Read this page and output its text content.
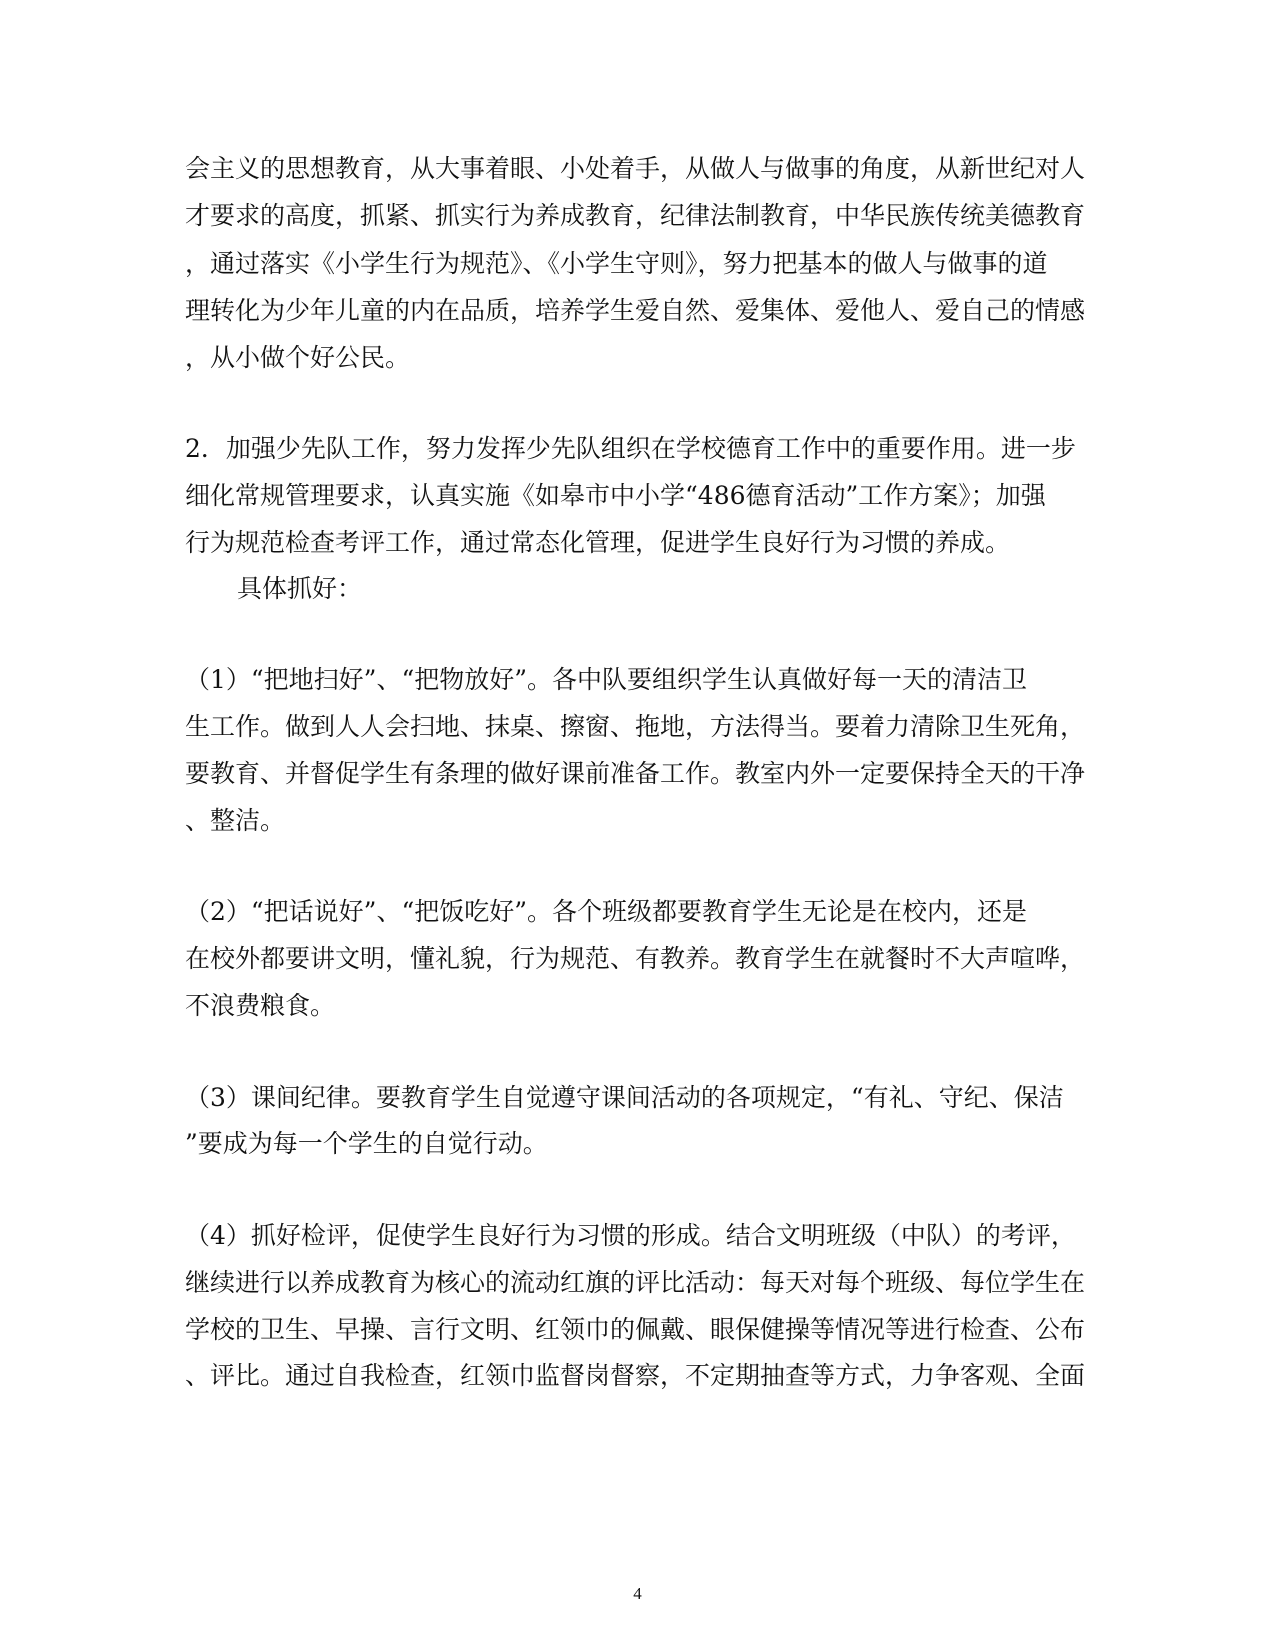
会主义的思想教育，从大事着眼、小处着手，从做人与做事的角度，从新世纪对人
才要求的高度，抓紧、抓实行为养成教育，纪律法制教育，中华民族传统美德教育
，通过落实《小学生行为规范》、《小学生守则》，努力把基本的做人与做事的道
理转化为少年儿童的内在品质，培养学生爱自然、爱集体、爱他人、爱自己的情感
，从小做个好公民。
2．加强少先队工作，努力发挥少先队组织在学校德育工作中的重要作用。进一步
细化常规管理要求，认真实施《如皋市中小学“486德育活动”工作方案》；加强
行为规范检查考评工作，通过常态化管理，促进学生良好行为习惯的养成。
具体抓好：
（1）“把地扫好”、“把物放好”。各中队要组织学生认真做好每一天的清洁卫
生工作。做到人人会扫地、抹桌、擦窗、拖地，方法得当。要着力清除卫生死角，
要教育、并督促学生有条理的做好课前准备工作。教室内外一定要保持全天的干净
、整洁。
（2）“把话说好”、“把饭吃好”。各个班级都要教育学生无论是在校内，还是
在校外都要讲文明，懂礼貌，行为规范、有教养。教育学生在就餐时不大声喧哗，
不浪费粮食。
（3）课间纪律。要教育学生自觉遵守课间活动的各项规定，“有礼、守纪、保洁
”要成为每一个学生的自觉行动。
（4）抓好检评，促使学生良好行为习惯的形成。结合文明班级（中队）的考评，
继续进行以养成教育为核心的流动红旗的评比活动：每天对每个班级、每位学生在
学校的卫生、早操、言行文明、红领巾的佩戴、眼保健操等情况等进行检查、公布
、评比。通过自我检查，红领巾监督岗督察，不定期抽查等方式，力争客观、全面
4
